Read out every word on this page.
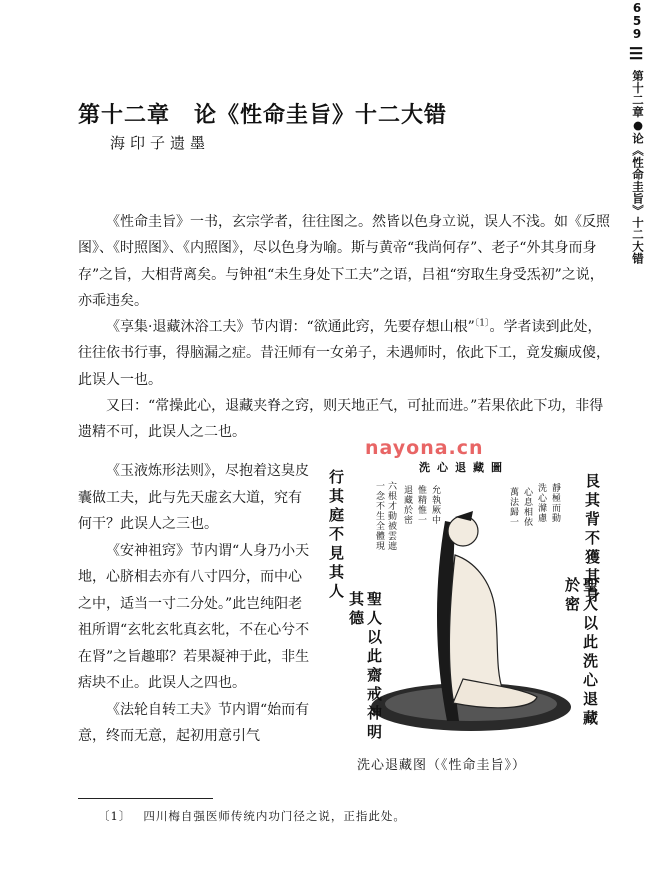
659
☰
第十二章●论《性命圭旨》十二大错
第十二章 论《性命圭旨》十二大错
海印子遗墨

《性命圭旨》一书，玄宗学者，往往图之。然皆以色身立说，误人不浅。如《反照图》、《时照图》、《内照图》，尽以色身为喻。斯与黄帝“我尚何存”、老子“外其身而身存”之旨，大相背离矣。与钟祖“未生身处下工夫”之语，吕祖“穷取生身受炁初”之说，亦乖违矣。

《享集·退藏沐浴工夫》节内谓：“欲通此窍，先要存想山根”$^{〔1〕}$。学者读到此处，往往依书行事，得脑漏之症。昔汪师有一女弟子，未遇师时，依此下工，竟发癫成傻，此误人一也。

又曰：“常操此心，退藏夹脊之窍，则天地正气，可扯而进。”若果依此下功，非得遗精不可，此误人之二也。

nayona.cn

《玉液炼形法则》，尽抱着这臭皮囊做工夫，此与先天虚玄大道，究有何干？此误人之三也。

《安神祖窍》节内谓“人身乃小天地，心脐相去亦有八寸四分，而中心之中，适当一寸二分处。”此岂纯阳老祖所谓“玄牝玄牝真玄牝，不在心兮不在肾”之旨趣耶？若果凝神于此，非生痞块不止。此误人之四也。

《法轮自转工夫》节内谓“始而有意，终而无意，起初用意引气

洗心退藏圖
行其庭不見其人
聖人以此齋戒神明其德
艮其背不獲其身
聖人以此洗心退藏於密
一念不生全體現 六根才動被雲遮 退藏於密 惟精惟一 允執厥中	萬法歸一 心息相依 洗心滌慮 靜極而動
洗心退藏图（《性命圭旨》）
〔1〕 四川梅自强医师传统内功门径之说，正指此处。
